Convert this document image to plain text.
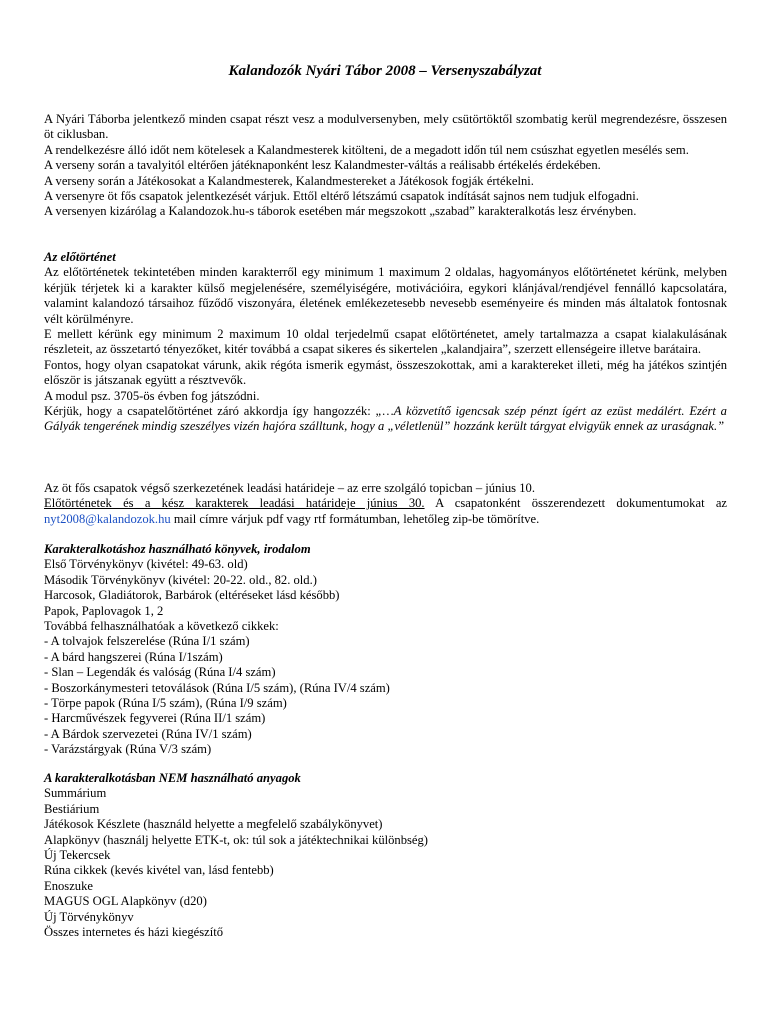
Kalandozók Nyári Tábor 2008 – Versenyszabályzat

A Nyári Táborba jelentkező minden csapat részt vesz a modulversenyben, mely csütörtöktől szombatig kerül megrendezésre, összesen öt ciklusban.

A rendelkezésre álló időt nem kötelesek a Kalandmesterek kitölteni, de a megadott időn túl nem csúszhat egyetlen mesélés sem.

A verseny során a tavalyitól eltérően játéknaponként lesz Kalandmester-váltás a reálisabb értékelés érdekében.

A verseny során a Játékosokat a Kalandmesterek, Kalandmestereket a Játékosok fogják értékelni.

A versenyre öt fős csapatok jelentkezését várjuk. Ettől eltérő létszámú csapatok indítását sajnos nem tudjuk elfogadni.

A versenyen kizárólag a Kalandozok.hu-s táborok esetében már megszokott „szabad” karakteralkotás lesz érvényben.

Az előtörténet

Az előtörténetek tekintetében minden karakterről egy minimum 1 maximum 2 oldalas, hagyományos előtörténetet kérünk, melyben kérjük térjetek ki a karakter külső megjelenésére, személyiségére, motivációira, egykori klánjával/rendjével fennálló kapcsolatára, valamint kalandozó társaihoz fűződő viszonyára, életének emlékezetesebb nevesebb eseményeire és minden más általatok fontosnak vélt körülményre.

E mellett kérünk egy minimum 2 maximum 10 oldal terjedelmű csapat előtörténetet, amely tartalmazza a csapat kialakulásának részleteit, az összetartó tényezőket, kitér továbbá a csapat sikeres és sikertelen „kalandjaira”, szerzett ellenségeire illetve barátaira.

Fontos, hogy olyan csapatokat várunk, akik régóta ismerik egymást, összeszokottak, ami a karaktereket illeti, még ha játékos szintjén először is játszanak együtt a résztvevők.

A modul psz. 3705-ös évben fog játszódni.

Kérjük, hogy a csapatelőtörténet záró akkordja így hangozzék: „…A közvetítő igencsak szép pénzt ígért az ezüst medálért. Ezért a Gályák tengerének mindig szeszélyes vizén hajóra szálltunk, hogy a „véletlenül” hozzánk került tárgyat elvigyük ennek az uraságnak.”

Az öt fős csapatok végső szerkezetének leadási határideje – az erre szolgáló topicban – június 10.

Előtörténetek és a kész karakterek leadási határideje június 30. A csapatonként összerendezett dokumentumokat az nyt2008@kalandozok.hu mail címre várjuk pdf vagy rtf formátumban, lehetőleg zip-be tömörítve.

Karakteralkotáshoz használható könyvek, irodalom

Első Törvénykönyv (kivétel: 49-63. old)

Második Törvénykönyv (kivétel: 20-22. old., 82. old.)

Harcosok, Gladiátorok, Barbárok (eltéréseket lásd később)

Papok, Paplovagok 1, 2

Továbbá felhasználhatóak a következő cikkek:

- A tolvajok felszerelése (Rúna I/1 szám)

- A bárd hangszerei (Rúna I/1szám)

- Slan – Legendák és valóság (Rúna I/4 szám)

- Boszorkánymesteri tetoválások (Rúna I/5 szám), (Rúna IV/4 szám)

- Törpe papok (Rúna I/5 szám), (Rúna I/9 szám)

- Harcművészek fegyverei (Rúna II/1 szám)

- A Bárdok szervezetei (Rúna IV/1 szám)

- Varázstárgyak (Rúna V/3 szám)

A karakteralkotásban NEM használható anyagok

Summárium

Bestiárium

Játékosok Készlete (használd helyette a megfelelő szabálykönyvet)

Alapkönyv (használj helyette ETK-t, ok: túl sok a játéktechnikai különbség)

Új Tekercsek

Rúna cikkek (kevés kivétel van, lásd fentebb)

Enoszuke

MAGUS OGL Alapkönyv (d20)

Új Törvénykönyv

Összes internetes és házi kiegészítő
